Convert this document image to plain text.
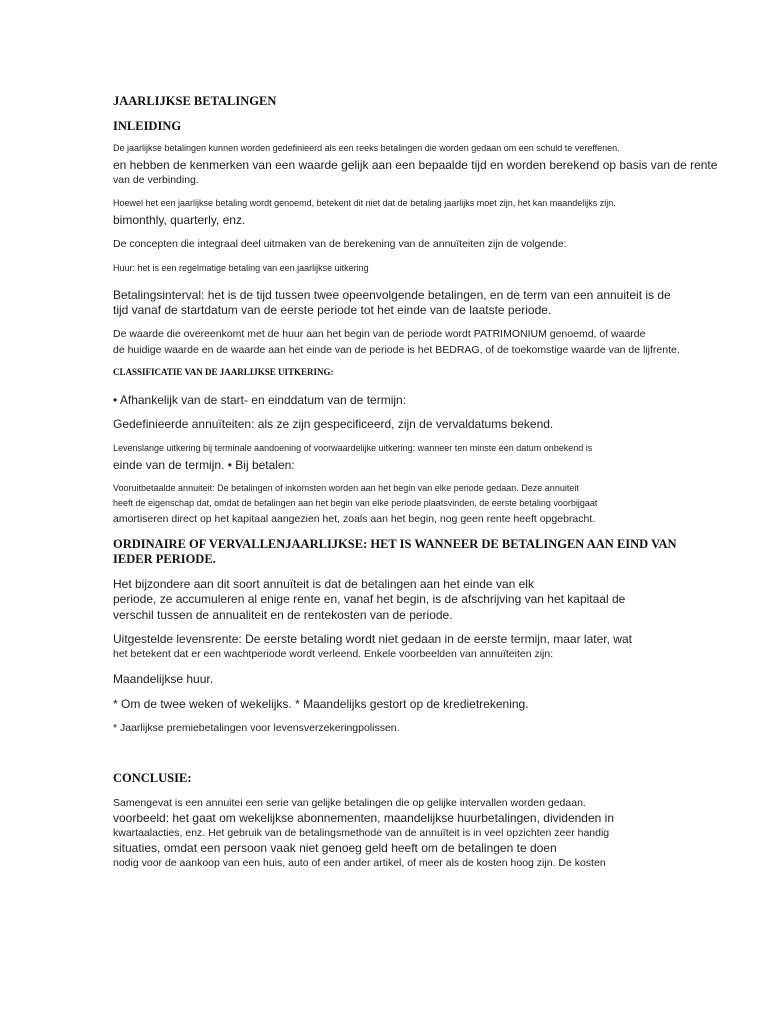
JAARLIJKSE BETALINGEN
INLEIDING
De jaarlijkse betalingen kunnen worden gedefinieerd als een reeks betalingen die worden gedaan om een schuld te vereffenen.
en hebben de kenmerken van een waarde gelijk aan een bepaalde tijd en worden berekend op basis van de rente
van de verbinding.
Hoewel het een jaarlijkse betaling wordt genoemd, betekent dit niet dat de betaling jaarlijks moet zijn, het kan maandelijks zijn.
bimonthly, quarterly, enz.
De concepten die integraal deel uitmaken van de berekening van de annuïteiten zijn de volgende:
Huur: het is een regelmatige betaling van een jaarlijkse uitkering
Betalingsinterval: het is de tijd tussen twee opeenvolgende betalingen, en de term van een annuiteit is de
tijd vanaf de startdatum van de eerste periode tot het einde van de laatste periode.
De waarde die overeenkomt met de huur aan het begin van de periode wordt PATRIMONIUM genoemd, of waarde
de huidige waarde en de waarde aan het einde van de periode is het BEDRAG, of de toekomstige waarde van de lijfrente.
CLASSIFICATIE VAN DE JAARLIJKSE UITKERING:
• Afhankelijk van de start- en einddatum van de termijn:
Gedefinieerde annuïteiten: als ze zijn gespecificeerd, zijn de vervaldatums bekend.
Levenslange uitkering bij terminale aandoening of voorwaardelijke uitkering: wanneer ten minste één datum onbekend is
einde van de termijn. • Bij betalen:
Vooruitbetaalde annuiteit: De betalingen of inkomsten worden aan het begin van elke periode gedaan. Deze annuiteit
heeft de eigenschap dat, omdat de betalingen aan het begin van elke periode plaatsvinden, de eerste betaling voorbijgaat
amortiseren direct op het kapitaal aangezien het, zoals aan het begin, nog geen rente heeft opgebracht.
ORDINAIRE OF VERVALLENJAARLIJKSE: HET IS WANNEER DE BETALINGEN AAN EIND VAN
IEDER PERIODE.
Het bijzondere aan dit soort annuïteit is dat de betalingen aan het einde van elk
periode, ze accumuleren al enige rente en, vanaf het begin, is de afschrijving van het kapitaal de
verschil tussen de annualiteit en de rentekosten van de periode.
Uitgestelde levensrente: De eerste betaling wordt niet gedaan in de eerste termijn, maar later, wat
het betekent dat er een wachtperiode wordt verleend. Enkele voorbeelden van annuïteiten zijn:
Maandelijkse huur.
* Om de twee weken of wekelijks. * Maandelijks gestort op de kredietrekening.
* Jaarlijkse premiebetalingen voor levensverzekeringpolissen.
CONCLUSIE:
Samengevat is een annuitei een serie van gelijke betalingen die op gelijke intervallen worden gedaan.
voorbeeld: het gaat om wekelijkse abonnementen, maandelijkse huurbetalingen, dividenden in
kwartaalacties, enz. Het gebruik van de betalingsmethode van de annuïteit is in veel opzichten zeer handig
situaties, omdat een persoon vaak niet genoeg geld heeft om de betalingen te doen
nodig voor de aankoop van een huis, auto of een ander artikel, of meer als de kosten hoog zijn. De kosten
